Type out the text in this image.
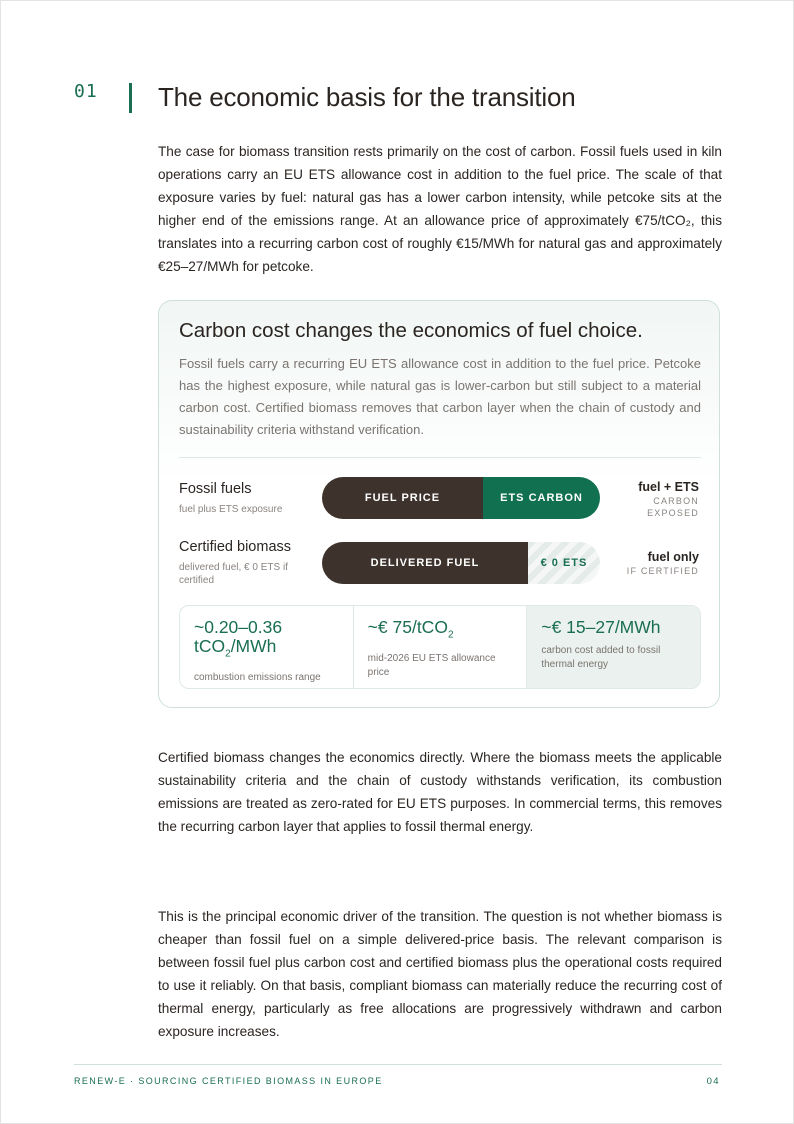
01 The economic basis for the transition

The case for biomass transition rests primarily on the cost of carbon. Fossil fuels used in kiln operations carry an EU ETS allowance cost in addition to the fuel price. The scale of that exposure varies by fuel: natural gas has a lower carbon intensity, while petcoke sits at the higher end of the emissions range. At an allowance price of approximately €75/tCO₂, this translates into a recurring carbon cost of roughly €15/MWh for natural gas and approximately €25–27/MWh for petcoke.

Carbon cost changes the economics of fuel choice.

Fossil fuels carry a recurring EU ETS allowance cost in addition to the fuel price. Petcoke has the highest exposure, while natural gas is lower-carbon but still subject to a material carbon cost. Certified biomass removes that carbon layer when the chain of custody and sustainability criteria withstand verification.

Fossil fuels
fuel plus ETS exposure
FUEL PRICE	ETS CARBON
fuel + ETS
CARBON EXPOSED
Certified biomass
delivered fuel, € 0 ETS if certified
DELIVERED FUEL	€ 0 ETS	fuel only
IF CERTIFIED
~0.20–0.36
tCO$_2$/MWh
combustion emissions range
~€ 75/tCO$_2$
mid-2026 EU ETS allowance price
~€ 15–27/MWh
carbon cost added to fossil thermal energy

Certified biomass changes the economics directly. Where the biomass meets the applicable sustainability criteria and the chain of custody withstands verification, its combustion emissions are treated as zero-rated for EU ETS purposes. In commercial terms, this removes the recurring carbon layer that applies to fossil thermal energy.

This is the principal economic driver of the transition. The question is not whether biomass is cheaper than fossil fuel on a simple delivered-price basis. The relevant comparison is between fossil fuel plus carbon cost and certified biomass plus the operational costs required to use it reliably. On that basis, compliant biomass can materially reduce the recurring cost of thermal energy, particularly as free allocations are progressively withdrawn and carbon exposure increases.

RENEW-E · SOURCING CERTIFIED BIOMASS IN EUROPE	04
